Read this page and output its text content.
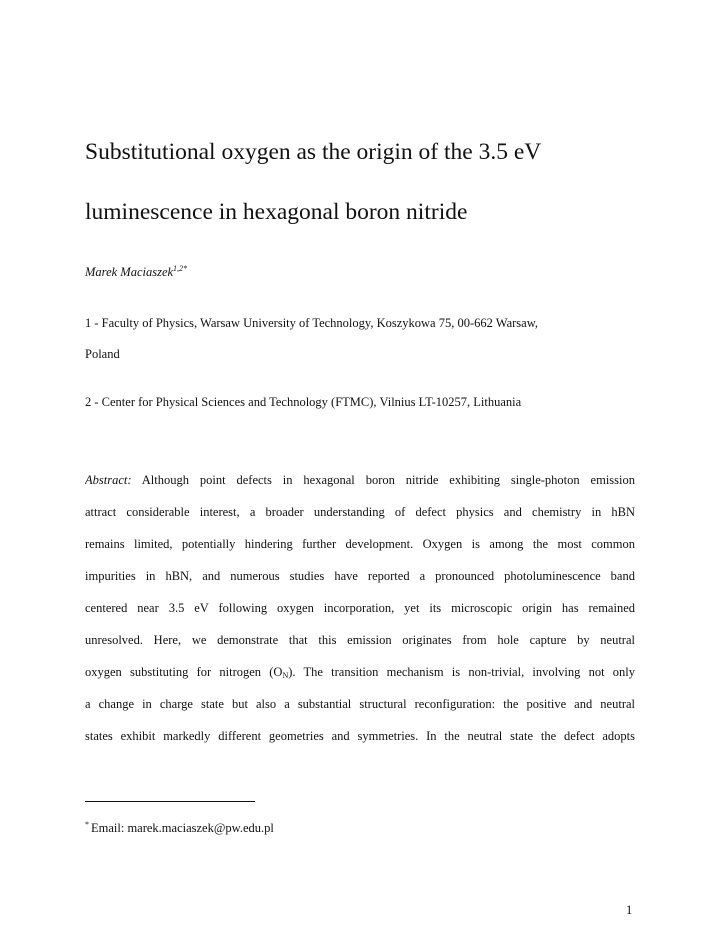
Substitutional oxygen as the origin of the 3.5 eV
luminescence in hexagonal boron nitride
Marek Maciaszek$^{1,2*}$

1 - Faculty of Physics, Warsaw University of Technology, Koszykowa 75, 00-662 Warsaw,
Poland

2 - Center for Physical Sciences and Technology (FTMC), Vilnius LT-10257, Lithuania

Abstract: Although point defects in hexagonal boron nitride exhibiting single-photon emission
attract considerable interest, a broader understanding of defect physics and chemistry in hBN
remains limited, potentially hindering further development. Oxygen is among the most common
impurities in hBN, and numerous studies have reported a pronounced photoluminescence band
centered near 3.5 eV following oxygen incorporation, yet its microscopic origin has remained
unresolved. Here, we demonstrate that this emission originates from hole capture by neutral
oxygen substituting for nitrogen $(O_N)$. The transition mechanism is non-trivial, involving not only
a change in charge state but also a substantial structural reconfiguration: the positive and neutral
states exhibit markedly different geometries and symmetries. In the neutral state the defect adopts
* Email: marek.maciaszek@pw.edu.pl
1
